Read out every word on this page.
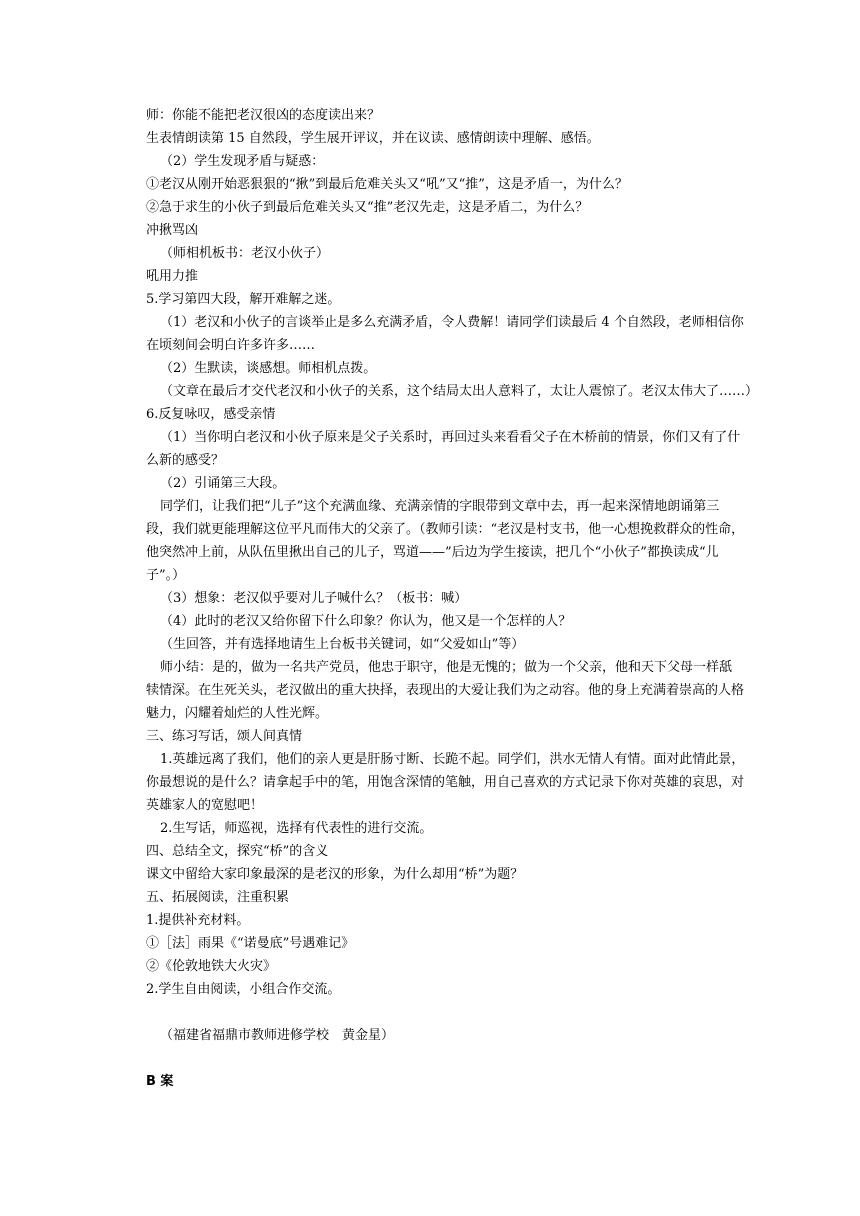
师：你能不能把老汉很凶的态度读出来？
生表情朗读第 15 自然段，学生展开评议，并在议读、感情朗读中理解、感悟。
（2）学生发现矛盾与疑惑：
①老汉从刚开始恶狠狠的“揪”到最后危难关头又“吼”又“推”，这是矛盾一，为什么？
②急于求生的小伙子到最后危难关头又“推”老汉先走，这是矛盾二，为什么？
冲揪骂凶
（师相机板书：老汉小伙子）
吼用力推
5.学习第四大段，解开难解之迷。
（1）老汉和小伙子的言谈举止是多么充满矛盾，令人费解！请同学们读最后 4 个自然段，老师相信你
在顷刻间会明白许多许多……
（2）生默读，谈感想。师相机点拨。
（文章在最后才交代老汉和小伙子的关系，这个结局太出人意料了，太让人震惊了。老汉太伟大了……）
6.反复咏叹，感受亲情
（1）当你明白老汉和小伙子原来是父子关系时，再回过头来看看父子在木桥前的情景，你们又有了什
么新的感受？
（2）引诵第三大段。
同学们，让我们把“儿子”这个充满血缘、充满亲情的字眼带到文章中去，再一起来深情地朗诵第三
段，我们就更能理解这位平凡而伟大的父亲了。（教师引读：“老汉是村支书，他一心想挽救群众的性命，
他突然冲上前，从队伍里揪出自己的儿子，骂道——”后边为学生接读，把几个“小伙子”都换读成“儿
子”。）
（3）想象：老汉似乎要对儿子喊什么？（板书：喊）
（4）此时的老汉又给你留下什么印象？你认为，他又是一个怎样的人？
（生回答，并有选择地请生上台板书关键词，如“父爱如山”等）
师小结：是的，做为一名共产党员，他忠于职守，他是无愧的；做为一个父亲，他和天下父母一样舐
犊情深。在生死关头，老汉做出的重大抉择，表现出的大爱让我们为之动容。他的身上充满着崇高的人格
魅力，闪耀着灿烂的人性光辉。
三、练习写话，颂人间真情
1.英雄远离了我们，他们的亲人更是肝肠寸断、长跪不起。同学们，洪水无情人有情。面对此情此景，
你最想说的是什么？请拿起手中的笔，用饱含深情的笔触，用自己喜欢的方式记录下你对英雄的哀思，对
英雄家人的宽慰吧！
2.生写话，师巡视，选择有代表性的进行交流。
四、总结全文，探究“桥”的含义
课文中留给大家印象最深的是老汉的形象，为什么却用“桥”为题？
五、拓展阅读，注重积累
1.提供补充材料。
①［法］雨果《“诺曼底”号遇难记》
②《伦敦地铁大火灾》
2.学生自由阅读，小组合作交流。
（福建省福鼎市教师进修学校　黄金星）
B 案
